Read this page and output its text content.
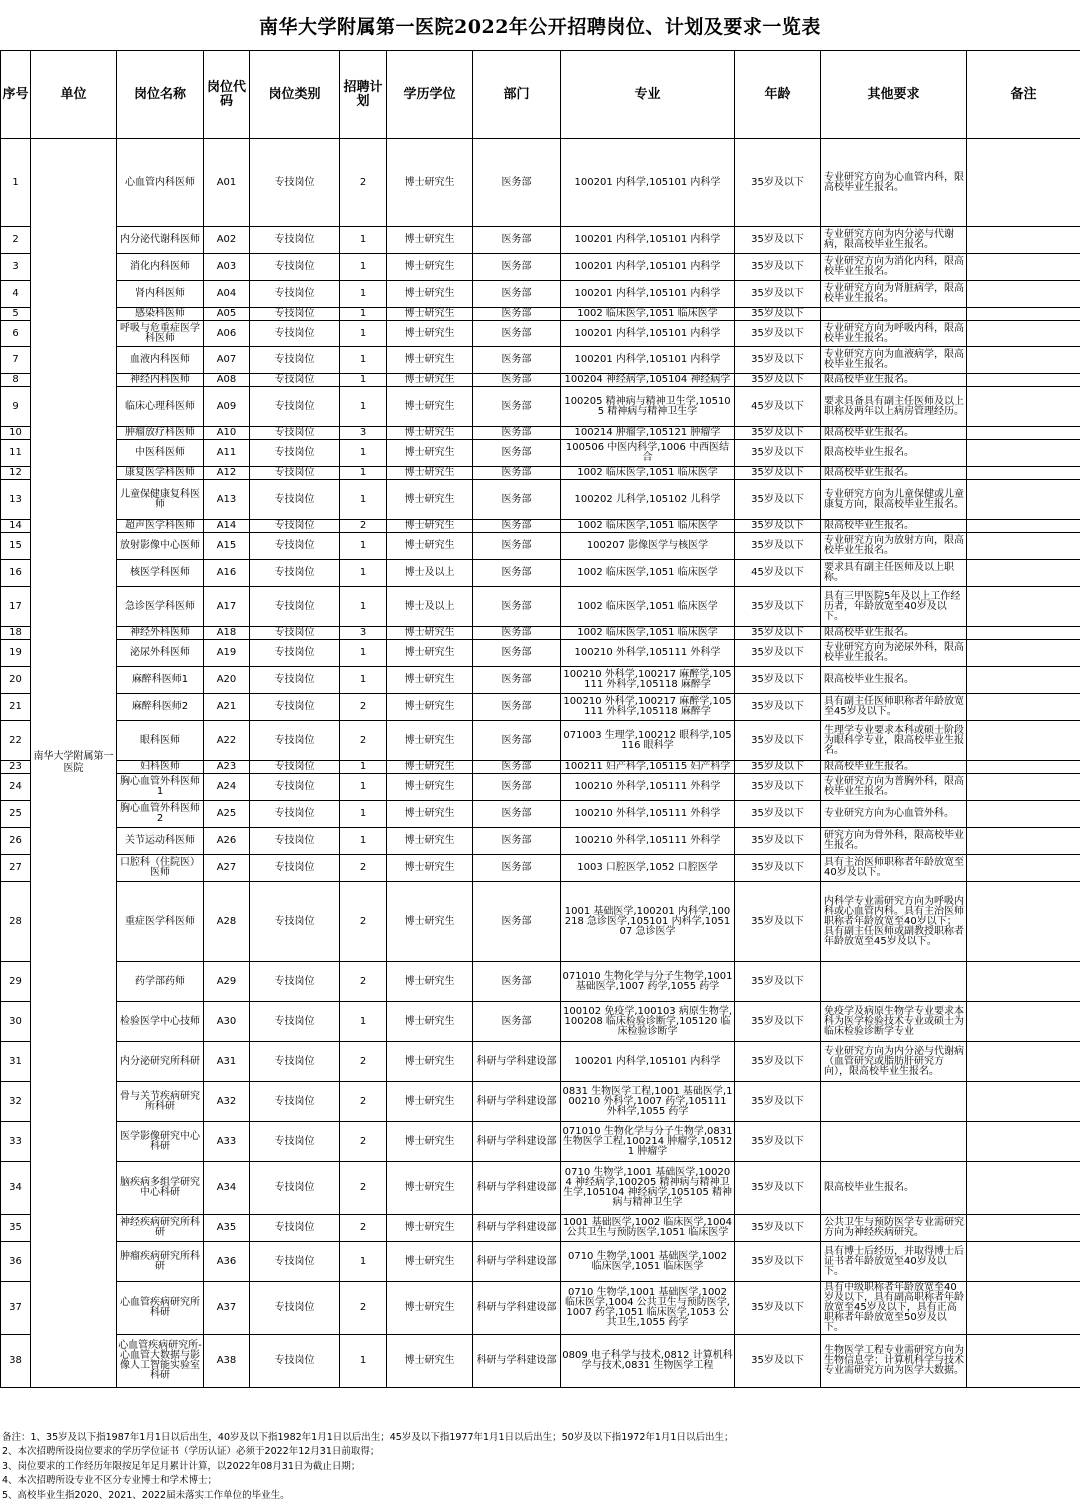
南华大学附属第一医院2022年公开招聘岗位、计划及要求一览表
序号	单位	岗位名称	岗位代码	岗位类别	招聘计划	学历学位	部门	专业	年龄	其他要求	备注
1	南华大学附属第一医院	心血管内科医师	A01	专技岗位	2	博士研究生	医务部	100201 内科学,105101 内科学	35岁及以下	专业研究方向为心血管内科，限高校毕业生报名。	
2		内分泌代谢科医师	A02	专技岗位	1	博士研究生	医务部	100201 内科学,105101 内科学	35岁及以下	专业研究方向为内分泌与代谢病，限高校毕业生报名。	
3		消化内科医师	A03	专技岗位	1	博士研究生	医务部	100201 内科学,105101 内科学	35岁及以下	专业研究方向为消化内科，限高校毕业生报名。	
4		肾内科医师	A04	专技岗位	1	博士研究生	医务部	100201 内科学,105101 内科学	35岁及以下	专业研究方向为肾脏病学，限高校毕业生报名。	
5		感染科医师	A05	专技岗位	1	博士研究生	医务部	1002 临床医学,1051 临床医学	35岁及以下		
6		呼吸与危重症医学科医师	A06	专技岗位	1	博士研究生	医务部	100201 内科学,105101 内科学	35岁及以下	专业研究方向为呼吸内科，限高校毕业生报名。	
7		血液内科医师	A07	专技岗位	1	博士研究生	医务部	100201 内科学,105101 内科学	35岁及以下	专业研究方向为血液病学，限高校毕业生报名。	
8		神经内科医师	A08	专技岗位	1	博士研究生	医务部	100204 神经病学,105104 神经病学	35岁及以下	限高校毕业生报名。	
9		临床心理科医师	A09	专技岗位	1	博士研究生	医务部	100205 精神病与精神卫生学,105105 精神病与精神卫生学	45岁及以下	要求具备具有副主任医师及以上职称及两年以上病房管理经历。	
10		肿瘤放疗科医师	A10	专技岗位	3	博士研究生	医务部	100214 肿瘤学,105121 肿瘤学	35岁及以下	限高校毕业生报名。	
11		中医科医师	A11	专技岗位	1	博士研究生	医务部	100506 中医内科学,1006 中西医结合	35岁及以下	限高校毕业生报名。	
12		康复医学科医师	A12	专技岗位	1	博士研究生	医务部	1002 临床医学,1051 临床医学	35岁及以下	限高校毕业生报名。	
13		儿童保健康复科医师	A13	专技岗位	1	博士研究生	医务部	100202 儿科学,105102 儿科学	35岁及以下	专业研究方向为儿童保健或儿童康复方向，限高校毕业生报名。	
14		超声医学科医师	A14	专技岗位	2	博士研究生	医务部	1002 临床医学,1051 临床医学	35岁及以下	限高校毕业生报名。	
15		放射影像中心医师	A15	专技岗位	1	博士研究生	医务部	100207 影像医学与核医学	35岁及以下	专业研究方向为放射方向，限高校毕业生报名。	
16		核医学科医师	A16	专技岗位	1	博士及以上	医务部	1002 临床医学,1051 临床医学	45岁及以下	要求具有副主任医师及以上职称。	
17		急诊医学科医师	A17	专技岗位	1	博士及以上	医务部	1002 临床医学,1051 临床医学	35岁及以下	具有三甲医院5年及以上工作经历者，年龄放宽至40岁及以下。	
18		神经外科医师	A18	专技岗位	3	博士研究生	医务部	1002 临床医学,1051 临床医学	35岁及以下	限高校毕业生报名。	
19		泌尿外科医师	A19	专技岗位	1	博士研究生	医务部	100210 外科学,105111 外科学	35岁及以下	专业研究方向为泌尿外科，限高校毕业生报名。	
20		麻醉科医师1	A20	专技岗位	1	博士研究生	医务部	100210 外科学,100217 麻醉学,105111 外科学,105118 麻醉学	35岁及以下	限高校毕业生报名。	
21		麻醉科医师2	A21	专技岗位	2	博士研究生	医务部	100210 外科学,100217 麻醉学,105111 外科学,105118 麻醉学	35岁及以下	具有副主任医师职称者年龄放宽至45岁及以下。	
22		眼科医师	A22	专技岗位	2	博士研究生	医务部	071003 生理学,100212 眼科学,105116 眼科学	35岁及以下	生理学专业要求本科或硕士阶段为眼科学专业，限高校毕业生报名。	
23		妇科医师	A23	专技岗位	1	博士研究生	医务部	100211 妇产科学,105115 妇产科学	35岁及以下	限高校毕业生报名。	
24		胸心血管外科医师1	A24	专技岗位	1	博士研究生	医务部	100210 外科学,105111 外科学	35岁及以下	专业研究方向为普胸外科，限高校毕业生报名。	
25		胸心血管外科医师2	A25	专技岗位	1	博士研究生	医务部	100210 外科学,105111 外科学	35岁及以下	专业研究方向为心血管外科。	
26		关节运动科医师	A26	专技岗位	1	博士研究生	医务部	100210 外科学,105111 外科学	35岁及以下	研究方向为骨外科，限高校毕业生报名。	
27		口腔科（住院医）医师	A27	专技岗位	2	博士研究生	医务部	1003 口腔医学,1052 口腔医学	35岁及以下	具有主治医师职称者年龄放宽至40岁及以下。	
28		重症医学科医师	A28	专技岗位	2	博士研究生	医务部	1001 基础医学,100201 内科学,100218 急诊医学,105101 内科学,105107 急诊医学	35岁及以下	内科学专业需研究方向为呼吸内科或心血管内科。具有主治医师职称者年龄放宽至40岁以下；具有副主任医师或副教授职称者年龄放宽至45岁及以下。	
29		药学部药师	A29	专技岗位	2	博士研究生	医务部	071010 生物化学与分子生物学,1001 基础医学,1007 药学,1055 药学	35岁及以下		
30		检验医学中心技师	A30	专技岗位	1	博士研究生	医务部	100102 免疫学,100103 病原生物学,100208 临床检验诊断学,105120 临床检验诊断学	35岁及以下	免疫学及病原生物学专业要求本科为医学检验技术专业或硕士为临床检验诊断学专业	
31		内分泌研究所科研	A31	专技岗位	2	博士研究生	科研与学科建设部	100201 内科学,105101 内科学	35岁及以下	专业研究方向为内分泌与代谢病（血管研究或脂肪肝研究方向），限高校毕业生报名。	
32		骨与关节疾病研究所科研	A32	专技岗位	2	博士研究生	科研与学科建设部	0831 生物医学工程,1001 基础医学,100210 外科学,1007 药学,105111 外科学,1055 药学	35岁及以下		
33		医学影像研究中心科研	A33	专技岗位	2	博士研究生	科研与学科建设部	071010 生物化学与分子生物学,0831 生物医学工程,100214 肿瘤学,105121 肿瘤学	35岁及以下		
34		脑疾病多组学研究中心科研	A34	专技岗位	2	博士研究生	科研与学科建设部	0710 生物学,1001 基础医学,100204 神经病学,100205 精神病与精神卫生学,105104 神经病学,105105 精神病与精神卫生学	35岁及以下	限高校毕业生报名。	
35		神经疾病研究所科研	A35	专技岗位	2	博士研究生	科研与学科建设部	1001 基础医学,1002 临床医学,1004 公共卫生与预防医学,1051 临床医学	35岁及以下	公共卫生与预防医学专业需研究方向为神经疾病研究。	
36		肿瘤疾病研究所科研	A36	专技岗位	1	博士研究生	科研与学科建设部	0710 生物学,1001 基础医学,1002 临床医学,1051 临床医学	35岁及以下	具有博士后经历，并取得博士后证书者年龄放宽至40岁及以下。	
37		心血管疾病研究所科研	A37	专技岗位	2	博士研究生	科研与学科建设部	0710 生物学,1001 基础医学,1002 临床医学,1004 公共卫生与预防医学,1007 药学,1051 临床医学,1053 公共卫生,1055 药学	35岁及以下	具有中级职称者年龄放宽至40岁及以下，具有副高职称者年龄放宽至45岁及以下，具有正高职称者年龄放宽至50岁及以下。	
38		心血管疾病研究所-心血管大数据与影像人工智能实验室科研	A38	专技岗位	1	博士研究生	科研与学科建设部	0809 电子科学与技术,0812 计算机科学与技术,0831 生物医学工程	35岁及以下	生物医学工程专业需研究方向为生物信息学；计算机科学与技术专业需研究方向为医学大数据。	
备注：1、35岁及以下指1987年1月1日以后出生，40岁及以下指1982年1月1日以后出生；45岁及以下指1977年1月1日以后出生；50岁及以下指1972年1月1日以后出生；
2、本次招聘所设岗位要求的学历学位证书（学历认证）必须于2022年12月31日前取得；
3、岗位要求的工作经历年限按足年足月累计计算，以2022年08月31日为截止日期；
4、本次招聘所设专业不区分专业博士和学术博士；
5、高校毕业生指2020、2021、2022届未落实工作单位的毕业生。
